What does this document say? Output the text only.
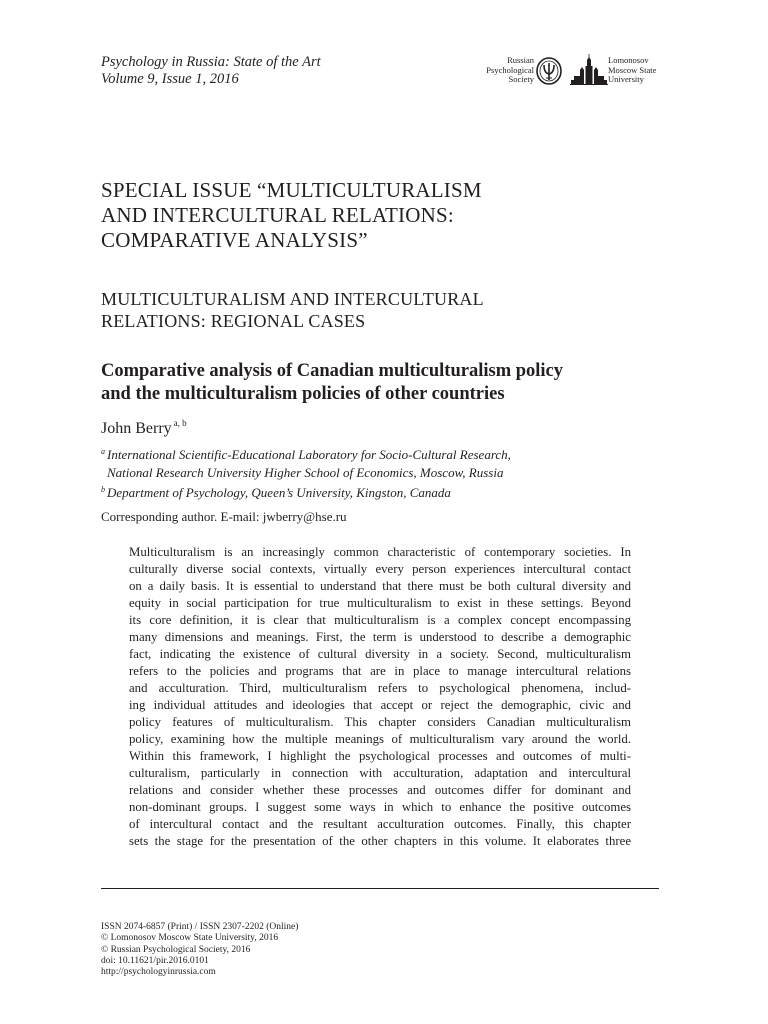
Psychology in Russia: State of the Art
Volume 9, Issue 1, 2016
Russian
Psychological
Society
Lomonosov
Moscow State
University
SPECIAL ISSUE “MULTICULTURALISM
AND INTERCULTURAL RELATIONS:
COMPARATIVE ANALYSIS”
MULTICULTURALISM AND INTERCULTURAL
RELATIONS: REGIONAL CASES
Comparative analysis of Canadian multiculturalism policy
and the multiculturalism policies of other countries
John Berry $^{a, b}$
$^a$ International Scientific-Educational Laboratory for Socio-Cultural Research,
National Research University Higher School of Economics, Moscow, Russia
$^b$ Department of Psychology, Queen’s University, Kingston, Canada
Corresponding author. E-mail: jwberry@hse.ru
Multiculturalism is an increasingly common characteristic of contemporary societies. In
culturally diverse social contexts, virtually every person experiences intercultural contact
on a daily basis. It is essential to understand that there must be both cultural diversity and
equity in social participation for true multiculturalism to exist in these settings. Beyond
its core definition, it is clear that multiculturalism is a complex concept encompassing
many dimensions and meanings. First, the term is understood to describe a demographic
fact, indicating the existence of cultural diversity in a society. Second, multiculturalism
refers to the policies and programs that are in place to manage intercultural relations
and acculturation. Third, multiculturalism refers to psychological phenomena, includ-
ing individual attitudes and ideologies that accept or reject the demographic, civic and
policy features of multiculturalism. This chapter considers Canadian multiculturalism
policy, examining how the multiple meanings of multiculturalism vary around the world.
Within this framework, I highlight the psychological processes and outcomes of multi-
culturalism, particularly in connection with acculturation, adaptation and intercultural
relations and consider whether these processes and outcomes differ for dominant and
non-dominant groups. I suggest some ways in which to enhance the positive outcomes
of intercultural contact and the resultant acculturation outcomes. Finally, this chapter
sets the stage for the presentation of the other chapters in this volume. It elaborates three
ISSN 2074-6857 (Print) / ISSN 2307-2202 (Online)
© Lomonosov Moscow State University, 2016
© Russian Psychological Society, 2016
doi: 10.11621/pir.2016.0101
http://psychologyinrussia.com
